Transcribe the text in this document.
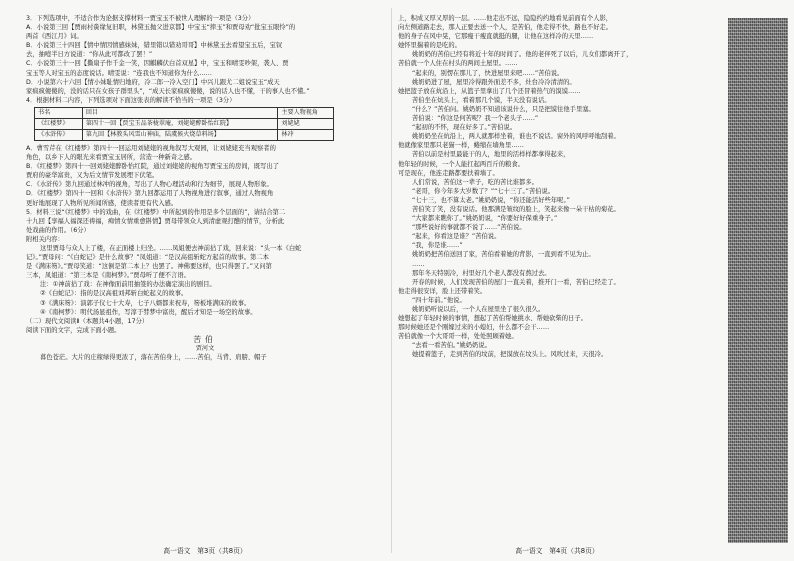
3．下列选项中，不适合作为论据支撑材料一贾宝玉不被世人理解的一项是（3分）

A．小说第三回【贾雨村夤缘复旧职，林黛玉抛父进京都】中宝玉“摔玉”和贾母劝“批宝玉眼怜”的

两首《西江月》词。

B．小说第三十四回【情中情因情感妹妹，错里错以错劝哥哥】中林黛玉去看望宝玉后，宝钗

去，抽噎半日方说道：“你从此可都改了罢！”

C．小说第三十一回【撕扇子作千金一笑，因麒麟伏白首双星】中，宝玉和晴雯吵架，袭人、贾

宝玉等人对宝玉的态度说话。晴雯说：“连我也不知道你为什么……

D．小说第六十六回【情小妹耻情归地府，冷二郎一冷入空门】中兴儿跟尤二姐说宝玉“成天

家疯疯傻傻的，没的话只在女孩子群里头”，“成天长家疯疯傻傻，说的话人也不懂，干的事人也不懂。”

4．根据材料二内容，下列选项对下面这张表的解读不恰当的一项是（3分）

书名	回目	主要人物视角
《红楼梦》	第四十一回【贾宝玉品茶栊翠庵，刘姥姥醉卧怡红院】	刘姥姥
《水浒传》	第九回【林教头风雪山神庙，陆虞候火烧草料场】	林冲

A．曹雪芹在《红楼梦》第四十一回运用刘姥姥的视角叙写大观园，让刘姥姥充当观察者的

角色，以乡下人的眼光来看贾宝玉居所，营造一种新奇之感。

B．《红楼梦》第四十一回刘姥姥醉卧怡红院，通过刘姥姥的视角写贾宝玉的房间，既写出了

贾府的豪华富贵，又为后文情节发展埋下伏笔。

C．《水浒传》第九回通过林冲的视角，写出了人物心理活动和行为细节，展现人物形象。

D．《红楼梦》第四十一回和《水浒传》第九回都运用了人物视角进行叙事，通过人物视角

更好地展现了人物所见所闻所感，使读者更有代入感。

5．材料三说“《红楼梦》中的戏曲，在《红楼梦》中所起到的作用是多个层面的”，请结合第二

十九回【享福人福深还祷福，痴情女情重愈斟情】贾母带领众人到清虚观打醮的情节，分析此

处戏曲的作用。（6分）

附相关内容：

这里贾母与众人上了楼，在正面楼上归坐。……凤姐便去神前拈了戏，回来说：“头一本《白蛇

记》。”贾母问：“《白蛇记》是什么故事？”凤姐道：“是汉高祖斩蛇方起首的故事。第二本

是《满床笏》。”贾母笑道：“这倒是第二本上？也罢了。神佛要这样，也只得罢了。”又问第

三本，凤姐道：“第三本是《南柯梦》。”贾母听了便不言语。

注：①神前拈了戏：在神像面前用抽签的办法确定演出的剧目。

②《白蛇记》：指的是汉高祖刘邦斩白蛇起义的故事。

③《满床笏》：演郭子仪七十大寿，七子八婿都来祝寿，笏板堆满床的故事。

④《南柯梦》：明代汤显祖作，写淳于棼梦中富贵，醒后才知是一场空的故事。

（二）现代文阅读Ⅱ（本题共4小题，17分）

阅读下面的文字，完成下面小题。

苦伯

贾河文

暮色苍茫。大片的庄稼绿得更浓了，落在苦伯身上，……苦伯，马背、肩膀、帽子

高一语文　第3页（共8页）

上，积成又厚又厚的一层。……他走出不远，隐隐约约地看见前面有个人影，

向左侧道路走去，那人正要去送一个人，是苦伯，他走得不快，路也不好走。

他的身子在风中晃，它那瘦干瘦直就挺的腿，让他在这样冷的天里……

她怀里揣着的是吃的。

姚奶奶的苦伯已经有将近十年的时间了。他的老伴死了以后，儿女们都离开了，

苦伯就一个人住在村头的两间土屋里。……

“起来的，别愣在那儿了，快进屋里来吧……”苦伯说。

姚奶奶进了屋，屋里冷得跟外面差不多，灶台冷冷清清的。

她把篮子放在炕沿上，从篮子里拿出了几个还冒着热气的馍馍……

苦伯坐在炕头上，看着那几个馍，半天没有说话。

“什么？”苦伯问。姚奶奶不知道该说什么，只是把馍往他手里塞。

苦伯说：“你这是何苦呢？我一个老头子……”

“起初的不怀，现在好多了。”苦伯说。

姚奶奶坐在炕沿上，两人就那样坐着，谁也不说话。窗外的风呼呼地刮着。

他就像家里那只老猫一样，蜷缩在墙角里……

苦伯以前是村里最能干的人，地里的活样样都拿得起来，

他年轻的时候，一个人能扛起两百斤的粮食。

可是现在，他连走路都要扶着墙了。

人们常说，苦伯这一辈子，吃的苦比谁都多。

“老哥，你今年多大岁数了？”“七十三了。”苦伯说。

“七十三，也不算太老。”姚奶奶说，“你还能活好些年呢。”

苦伯笑了笑，没有说话。他那满是皱纹的脸上，笑起来像一朵干枯的菊花。

“大家都来瞧你了。”姚奶奶说，“你要好好保重身子。”

“那些说好的事就都不说了……”苦伯说。

“起来，你看这是谁？”苦伯说。

“我，你是谁……”

姚奶奶把苦伯送回了家，苦伯看着她的背影，一直到看不见为止。

……

那年冬天特别冷，村里好几个老人都没有熬过去。

开春的时候，人们发现苦伯的屋门一直关着，推开门一看，苦伯已经走了。

他走得很安详，脸上还带着笑。

“四十年前。”他说。

姚奶奶听说以后，一个人在屋里坐了很久很久。

她想起了年轻时候的事情，想起了苦伯帮她挑水、帮她砍柴的日子。

那时候她还是个刚嫁过来的小媳妇，什么都不会干……

苦伯就像一个大哥哥一样，处处照顾着她。

“去看一看苦伯。”姚奶奶说。

她提着篮子，走到苦伯的坟前，把馍放在坟头上。风吹过来，天很冷。

高一语文　第4页（共8页）
